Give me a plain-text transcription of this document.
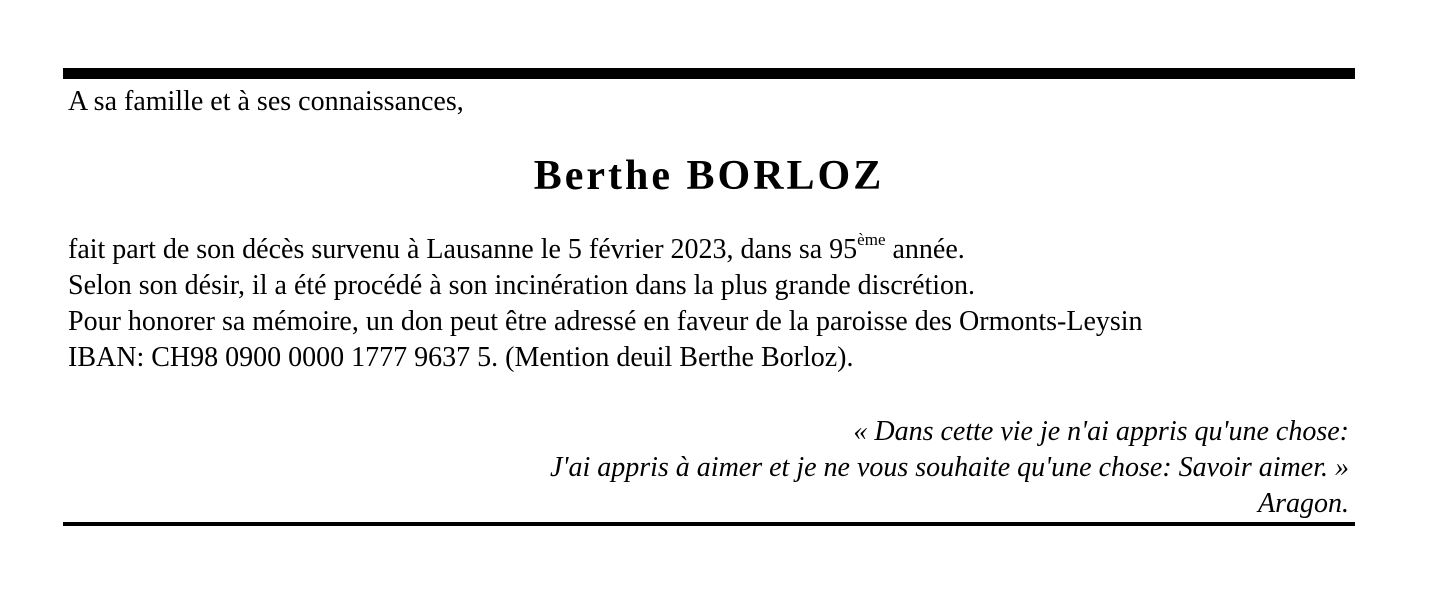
A sa famille et à ses connaissances,
Berthe BORLOZ
fait part de son décès survenu à Lausanne le 5 février 2023, dans sa 95ème année.
Selon son désir, il a été procédé à son incinération dans la plus grande discrétion.
Pour honorer sa mémoire, un don peut être adressé en faveur de la paroisse des Ormonts-Leysin
IBAN: CH98 0900 0000 1777 9637 5. (Mention deuil Berthe Borloz).
« Dans cette vie je n'ai appris qu'une chose:
J'ai appris à aimer et je ne vous souhaite qu'une chose: Savoir aimer. »
Aragon.
